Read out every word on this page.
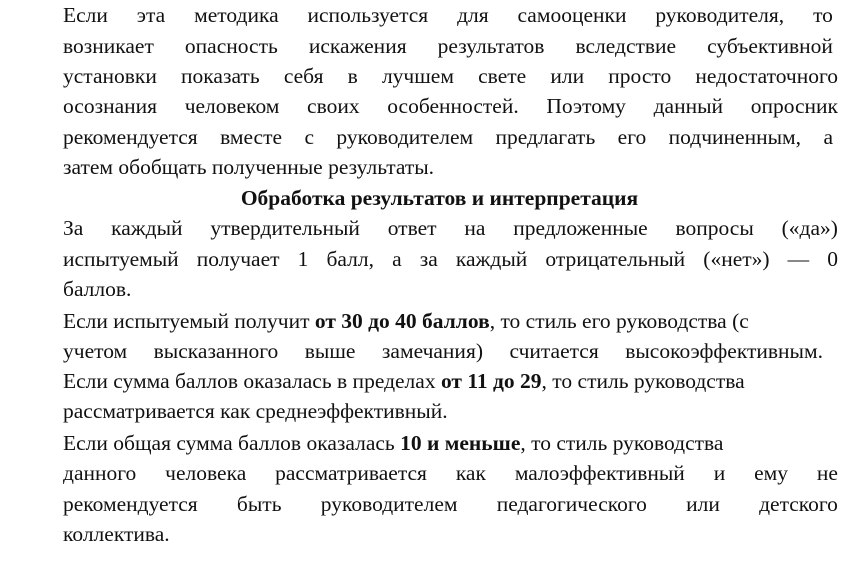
Если эта методика используется для самооценки руководителя, то
возникает опасность искажения результатов вследствие субъективной
установки показать себя в лучшем свете или просто недостаточного
осознания человеком своих особенностей. Поэтому данный опросник
рекомендуется вместе с руководителем предлагать его подчиненным, а
затем обобщать полученные результаты.
Обработка результатов и интерпретация
За каждый утвердительный ответ на предложенные вопросы («да»)
испытуемый получает 1 балл, а за каждый отрицательный («нет») — 0
баллов.
Если испытуемый получит от 30 до 40 баллов , то стиль его руководства (с
учетом высказанного выше замечания) считается высокоэффективным.
Если сумма баллов оказалась в пределах от 11 до 29 , то стиль руководства
рассматривается как среднеэффективный.
Если общая сумма баллов оказалась 10 и меньше , то стиль руководства
данного человека рассматривается как малоэффективный и ему не
рекомендуется быть руководителем педагогического или детского
коллектива.
